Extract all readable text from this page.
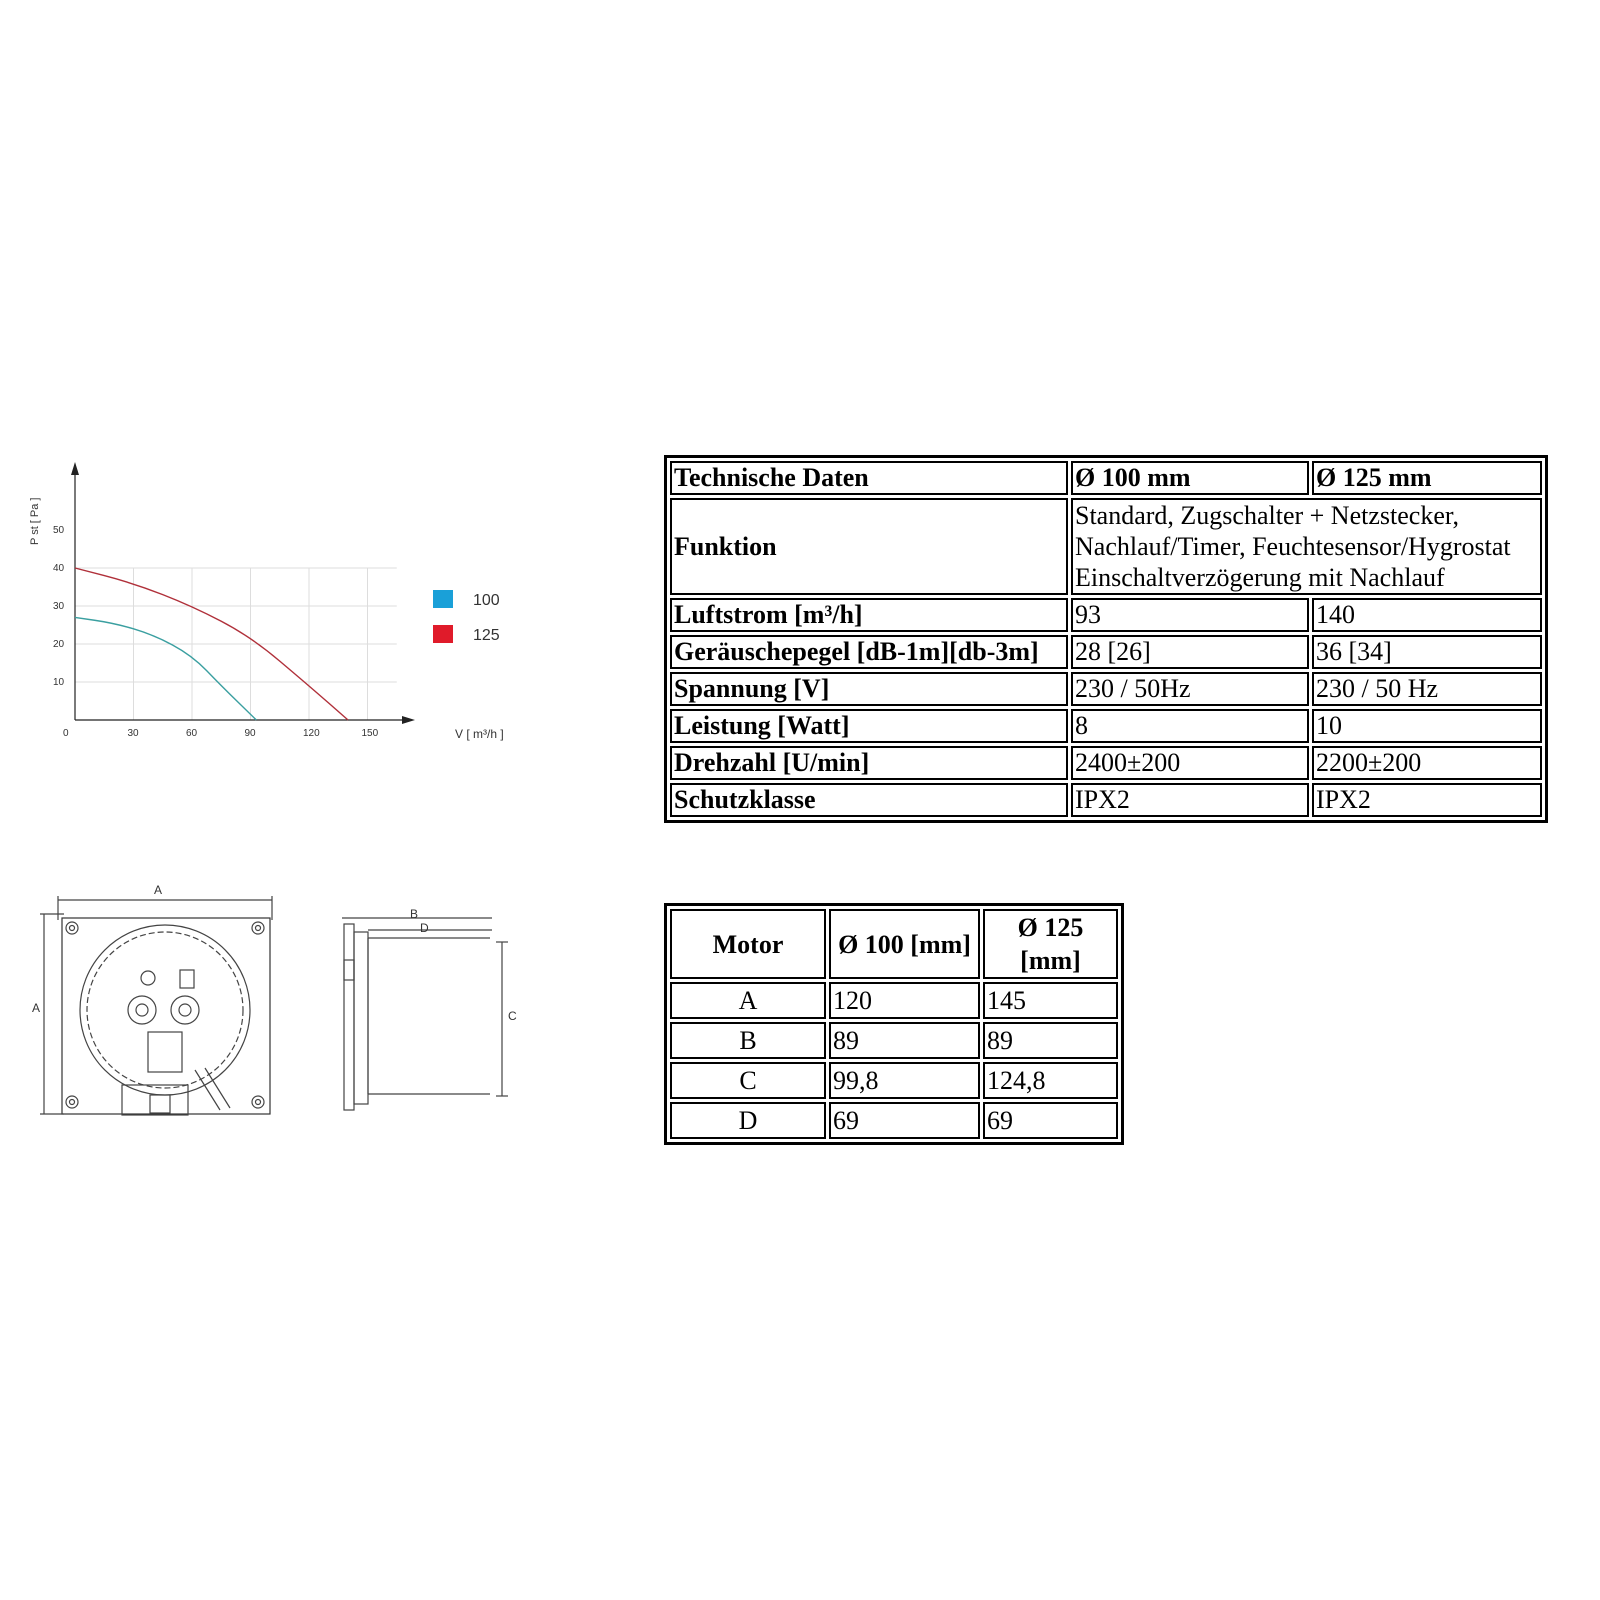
0	30	60	90	120	150
10
20
30
40
50
P st [ Pa ]
V [ m³/h ]
100
125
A
A
B
D
C
Technische Daten	Ø 100 mm	Ø 125 mm
Funktion	Standard, Zugschalter + Netzstecker,
Nachlauf/Timer, Feuchtesensor/Hygrostat
Einschaltverzögerung mit Nachlauf	

Luftstrom [m³/h]	93	140
Geräuschepegel [dB-1m][db-3m]	28 [26]	36 [34]
Spannung [V]	230 / 50Hz	230 / 50 Hz
Leistung [Watt]	8	10
Drehzahl [U/min]	2400±200	2200±200
Schutzklasse	IPX2	IPX2
Motor	Ø 100 [mm]	Ø 125 [mm]
A	120	145
B	89	89
C	99,8	124,8
D	69	69
